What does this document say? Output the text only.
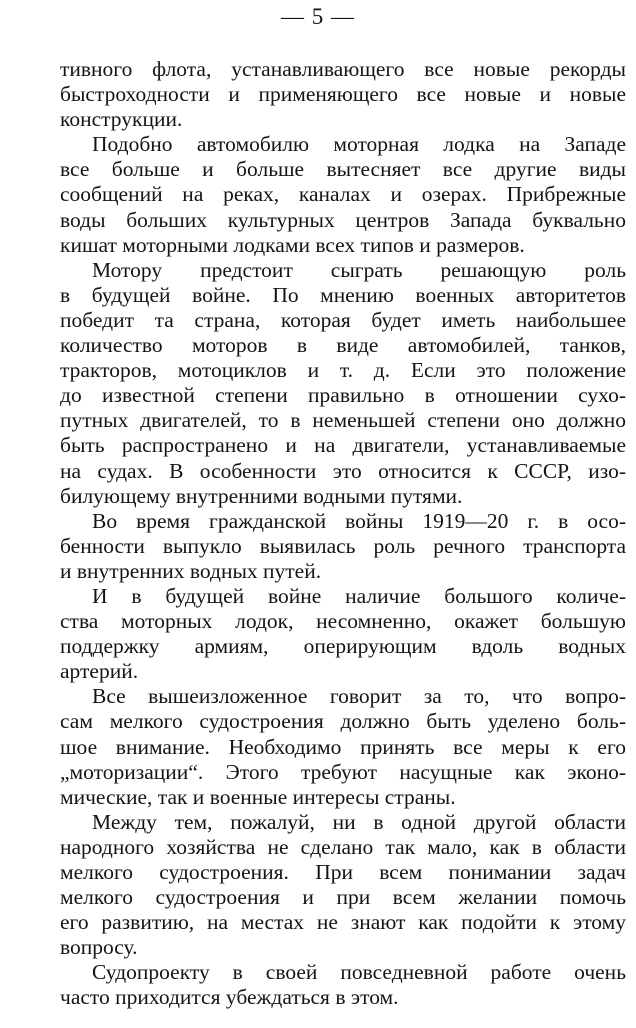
— 5 —
тивного флота, устанавливающего все новые рекорды
быстроходности и применяющего все новые и новые
конструкции.
Подобно автомобилю моторная лодка на Западе
все больше и больше вытесняет все другие виды
сообщений на реках, каналах и озерах. Прибрежные
воды больших культурных центров Запада буквально
кишат моторными лодками всех типов и размеров.
Мотору предстоит сыграть решающую роль
в будущей войне. По мнению военных авторитетов
победит та страна, которая будет иметь наибольшее
количество моторов в виде автомобилей, танков,
тракторов, мотоциклов и т. д. Если это положение
до известной степени правильно в отношении сухо-
путных двигателей, то в неменьшей степени оно должно
быть распространено и на двигатели, устанавливаемые
на судах. В особенности это относится к СССР, изо-
билующему внутренними водными путями.
Во время гражданской войны 1919—20 г. в осо-
бенности выпукло выявилась роль речного транспорта
и внутренних водных путей.
И в будущей войне наличие большого количе-
ства моторных лодок, несомненно, окажет большую
поддержку армиям, оперирующим вдоль водных
артерий.
Все вышеизложенное говорит за то, что вопро-
сам мелкого судостроения должно быть уделено боль-
шое внимание. Необходимо принять все меры к его
„моторизации“. Этого требуют насущные как эконо-
мические, так и военные интересы страны.
Между тем, пожалуй, ни в одной другой области
народного хозяйства не сделано так мало, как в области
мелкого судостроения. При всем понимании задач
мелкого судостроения и при всем желании помочь
его развитию, на местах не знают как подойти к этому
вопросу.
Судопроекту в своей повседневной работе очень
часто приходится убеждаться в этом.
